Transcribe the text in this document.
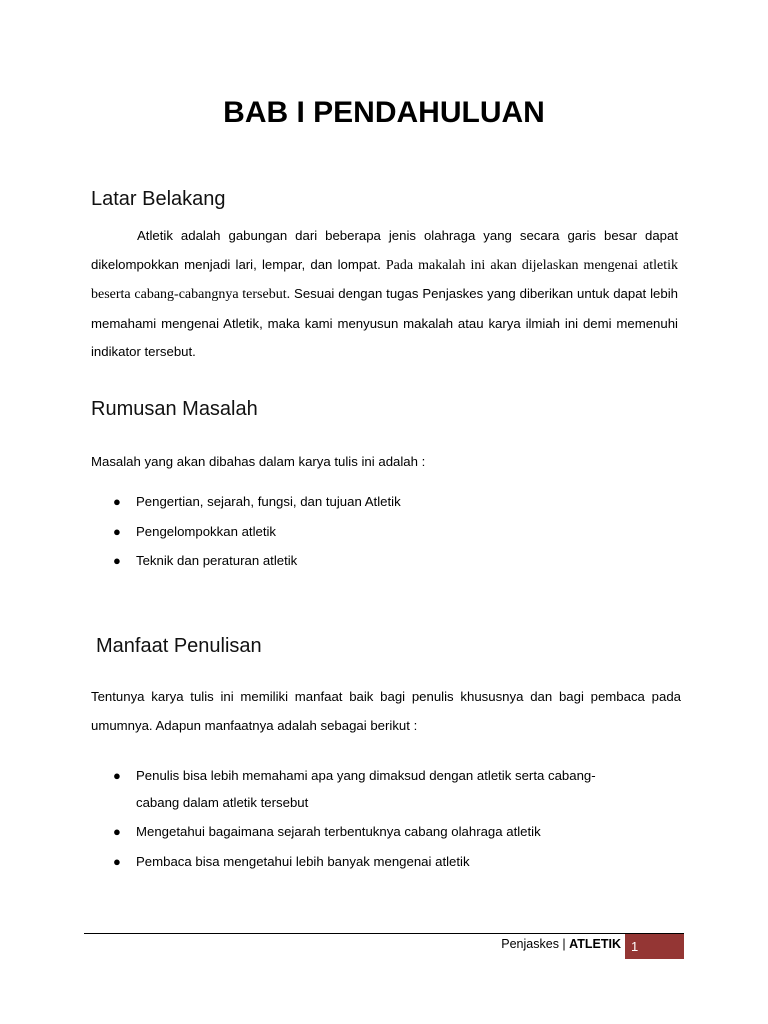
BAB I PENDAHULUAN
Latar Belakang

Atletik adalah gabungan dari beberapa jenis olahraga yang secara garis besar dapat dikelompokkan menjadi lari, lempar, dan lompat. Pada makalah ini akan dijelaskan mengenai atletik beserta cabang-cabangnya tersebut. Sesuai dengan tugas Penjaskes yang diberikan untuk dapat lebih memahami mengenai Atletik, maka kami menyusun makalah atau karya ilmiah ini demi memenuhi indikator tersebut.

Rumusan Masalah

Masalah yang akan dibahas dalam karya tulis ini adalah :

● Pengertian, sejarah, fungsi, dan tujuan Atletik
● Pengelompokkan atletik
● Teknik dan peraturan atletik
Manfaat Penulisan

Tentunya karya tulis ini memiliki manfaat baik bagi penulis khususnya dan bagi pembaca pada umumnya. Adapun manfaatnya adalah sebagai berikut :

● Penulis bisa lebih memahami apa yang dimaksud dengan atletik serta cabang-cabang dalam atletik tersebut
● Mengetahui bagaimana sejarah terbentuknya cabang olahraga atletik
● Pembaca bisa mengetahui lebih banyak mengenai atletik
Penjaskes | ATLETIK 1
